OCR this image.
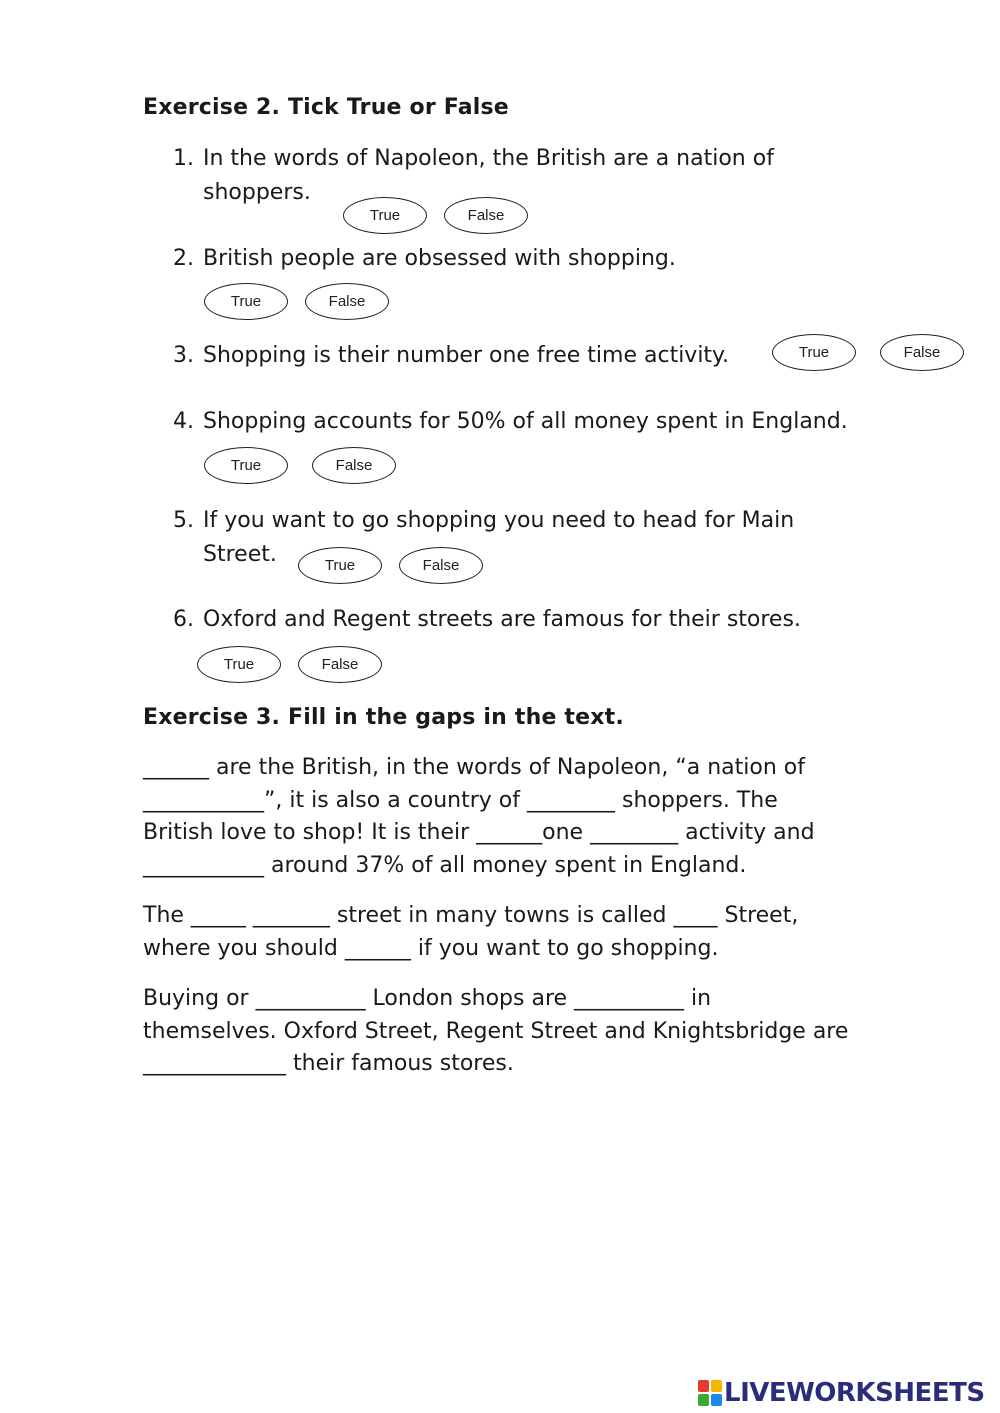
Exercise 2. Tick True or False
1. In the words of Napoleon, the British are a nation of
shoppers.
True	False
2. British people are obsessed with shopping.
True	False
3. Shopping is their number one free time activity.	True	False
4. Shopping accounts for 50% of all money spent in England.
True	False
5. If you want to go shopping you need to head for Main
Street.	True	False
6. Oxford and Regent streets are famous for their stores.
True	False
Exercise 3. Fill in the gaps in the text.
______ are the British, in the words of Napoleon, “a nation of
___________”, it is also a country of ________ shoppers. The
British love to shop! It is their ______one ________ activity and
___________ around 37% of all money spent in England.
The _____ _______ street in many towns is called ____ Street,
where you should ______ if you want to go shopping.
Buying or __________ London shops are __________ in
themselves. Oxford Street, Regent Street and Knightsbridge are
_____________ their famous stores.
LIVEWORKSHEETS
